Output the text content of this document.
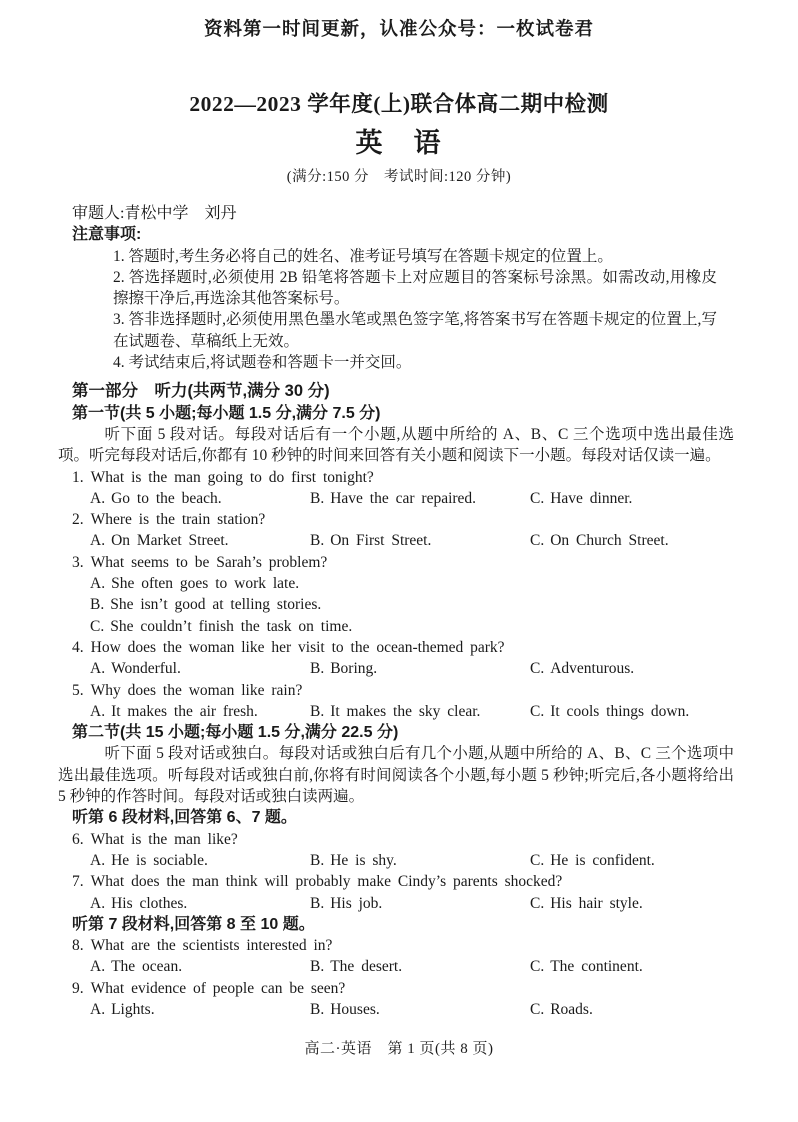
资料第一时间更新，认准公众号：一枚试卷君
2022—2023 学年度(上)联合体高二期中检测
英　语
(满分:150 分　考试时间:120 分钟)
审题人:青松中学　刘丹
注意事项:
1. 答题时,考生务必将自己的姓名、准考证号填写在答题卡规定的位置上。
2. 答选择题时,必须使用 2B 铅笔将答题卡上对应题目的答案标号涂黑。如需改动,用橡皮擦擦干净后,再选涂其他答案标号。
3. 答非选择题时,必须使用黑色墨水笔或黑色签字笔,将答案书写在答题卡规定的位置上,写在试题卷、草稿纸上无效。
4. 考试结束后,将试题卷和答题卡一并交回。
第一部分　听力(共两节,满分 30 分)
第一节(共 5 小题;每小题 1.5 分,满分 7.5 分)
听下面 5 段对话。每段对话后有一个小题,从题中所给的 A、B、C 三个选项中选出最佳选项。听完每段对话后,你都有 10 秒钟的时间来回答有关小题和阅读下一小题。每段对话仅读一遍。
1. What is the man going to do first tonight?
A. Go to the beach.	B. Have the car repaired.	C. Have dinner.
2. Where is the train station?
A. On Market Street.	B. On First Street.	C. On Church Street.
3. What seems to be Sarah’s problem?
A. She often goes to work late.
B. She isn’t good at telling stories.
C. She couldn’t finish the task on time.
4. How does the woman like her visit to the ocean-themed park?
A. Wonderful.	B. Boring.	C. Adventurous.
5. Why does the woman like rain?
A. It makes the air fresh.	B. It makes the sky clear.	C. It cools things down.
第二节(共 15 小题;每小题 1.5 分,满分 22.5 分)
听下面 5 段对话或独白。每段对话或独白后有几个小题,从题中所给的 A、B、C 三个选项中选出最佳选项。听每段对话或独白前,你将有时间阅读各个小题,每小题 5 秒钟;听完后,各小题将给出 5 秒钟的作答时间。每段对话或独白读两遍。
听第 6 段材料,回答第 6、7 题。
6. What is the man like?
A. He is sociable.	B. He is shy.	C. He is confident.
7. What does the man think will probably make Cindy’s parents shocked?
A. His clothes.	B. His job.	C. His hair style.
听第 7 段材料,回答第 8 至 10 题。
8. What are the scientists interested in?
A. The ocean.	B. The desert.	C. The continent.
9. What evidence of people can be seen?
A. Lights.	B. Houses.	C. Roads.
高二·英语　第 1 页(共 8 页)
